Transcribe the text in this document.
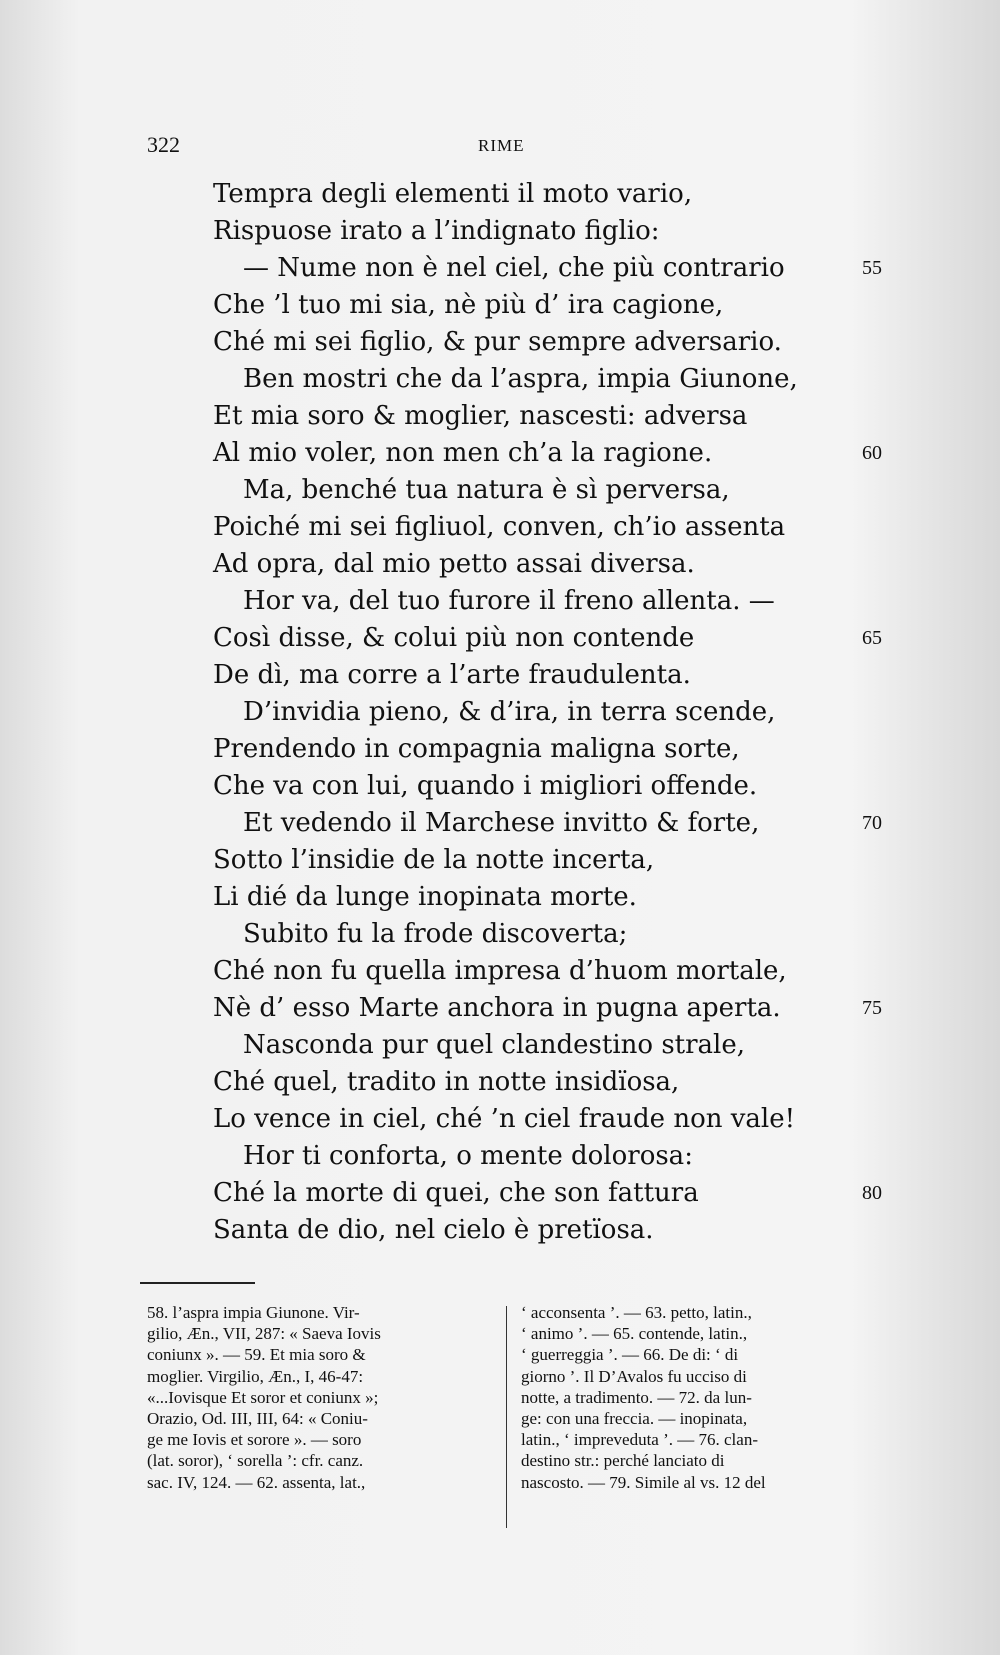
322	RIME
Tempra degli elementi il moto vario,
Rispuose irato a l’indignato figlio:
— Nume non è nel ciel, che più contrario	55
Che ’l tuo mi sia, nè più d’ ira cagione,
Ché mi sei figlio, & pur sempre adversario.
Ben mostri che da l’aspra, impia Giunone,
Et mia soro & moglier, nascesti: adversa
Al mio voler, non men ch’a la ragione.	60
Ma, benché tua natura è sì perversa,
Poiché mi sei figliuol, conven, ch’io assenta
Ad opra, dal mio petto assai diversa.
Hor va, del tuo furore il freno allenta. —
Così disse, & colui più non contende	65
De dì, ma corre a l’arte fraudulenta.
D’invidia pieno, & d’ira, in terra scende,
Prendendo in compagnia maligna sorte,
Che va con lui, quando i migliori offende.
Et vedendo il Marchese invitto & forte,	70
Sotto l’insidie de la notte incerta,
Li dié da lunge inopinata morte.
Subito fu la frode discoverta;
Ché non fu quella impresa d’huom mortale,
Nè d’ esso Marte anchora in pugna aperta.	75
Nasconda pur quel clandestino strale,
Ché quel, tradito in notte insidïosa,
Lo vence in ciel, ché ’n ciel fraude non vale!
Hor ti conforta, o mente dolorosa:
Ché la morte di quei, che son fattura	80
Santa de dio, nel cielo è pretïosa.
58. l’aspra impia Giunone. Vir-
gilio, Æn., VII, 287: « Saeva Iovis
coniunx ». — 59. Et mia soro &
moglier. Virgilio, Æn., I, 46-47:
«...Iovisque Et soror et coniunx »;
Orazio, Od. III, III, 64: « Coniu-
ge me Iovis et sorore ». — soro
(lat. soror), ‘ sorella ’: cfr. canz.
sac. IV, 124. — 62. assenta, lat.,
‘ acconsenta ’. — 63. petto, latin.,
‘ animo ’. — 65. contende, latin.,
‘ guerreggia ’. — 66. De di: ‘ di
giorno ’. Il D’Avalos fu ucciso di
notte, a tradimento. — 72. da lun-
ge: con una freccia. — inopinata,
latin., ‘ impreveduta ’. — 76. clan-
destino str.: perché lanciato di
nascosto. — 79. Simile al vs. 12 del
